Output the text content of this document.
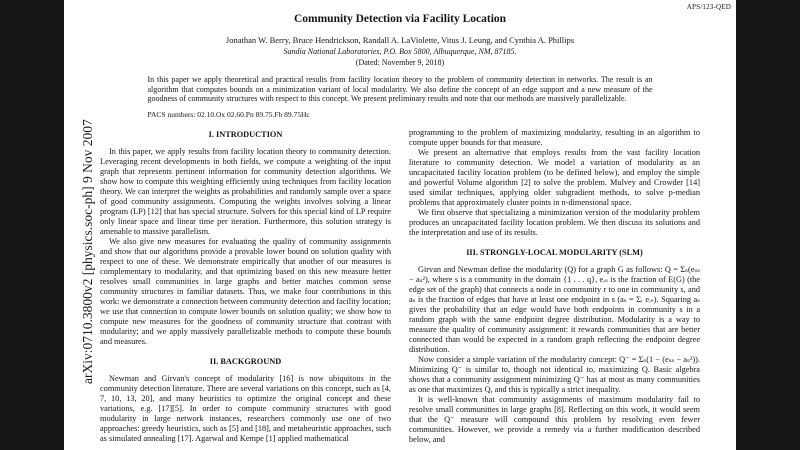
APS/123-QED
arXiv:0710.3800v2 [physics.soc-ph] 9 Nov 2007
Community Detection via Facility Location
Jonathan W. Berry, Bruce Hendrickson, Randall A. LaViolette, Vitus J. Leung, and Cynthia A. Phillips
Sandia National Laboratories, P.O. Box 5800, Albuquerque, NM, 87185.
(Dated: November 9, 2018)
In this paper we apply theoretical and practical results from facility location theory to the problem of community detection in networks. The result is an algorithm that computes bounds on a minimization variant of local modularity. We also define the concept of an edge support and a new measure of the goodness of community structures with respect to this concept. We present preliminary results and note that our methods are massively parallelizable.
PACS numbers: 02.10.Ox 02.60.Pn 89.75.Fb 89.75Hc
I. INTRODUCTION

In this paper, we apply results from facility location theory to community detection. Leveraging recent developments in both fields, we compute a weighting of the input graph that represents pertinent information for community detection algorithms. We show how to compute this weighting efficiently using techniques from facility location theory. We can interpret the weights as probabilities and randomly sample over a space of good community assignments. Computing the weights involves solving a linear program (LP) [12] that has special structure. Solvers for this special kind of LP require only linear space and linear time per iteration. Furthermore, this solution strategy is amenable to massive parallelism.

We also give new measures for evaluating the quality of community assignments and show that our algorithms provide a provable lower bound on solution quality with respect to one of these. We demonstrate empirically that another of our measures is complementary to modularity, and that optimizing based on this new measure better resolves small communities in large graphs and better matches common sense community structures in familiar datasets. Thus, we make four contributions in this work: we demonstrate a connection between community detection and facility location; we use that connection to compute lower bounds on solution quality; we show how to compute new measures for the goodness of community structure that contrast with modularity; and we apply massively parallelizable methods to compute these bounds and measures.

II. BACKGROUND

Newman and Girvan's concept of modularity [16] is now ubiquitous in the community detection literature. There are several variations on this concept, such as [4, 7, 10, 13, 20], and many heuristics to optimize the original concept and these variations, e.g. [17][5]. In order to compute community structures with good modularity in large network instances, researchers commonly use one of two approaches: greedy heuristics, such as [5] and [18], and metaheuristic approaches, such as simulated annealing [17]. Agarwal and Kempe [1] applied mathematical

programming to the problem of maximizing modularity, resulting in an algorithm to compute upper bounds for that measure.

We present an alternative that employs results from the vast facility location literature to community detection. We model a variation of modularity as an uncapacitated facility location problem (to be defined below), and employ the simple and powerful Volume algorithm [2] to solve the problem. Mulvey and Crowder [14] used similar techniques, applying older subgradient methods, to solve p-median problems that approximately cluster points in n-dimensional space.

We first observe that specializing a minimization version of the modularity problem produces an uncapacitated facility location problem. We then discuss its solutions and the interpretation and use of its results.

III. STRONGLY-LOCAL MODULARITY (SLM)

Girvan and Newman define the modularity (Q) for a graph G as follows: Q = Σₛ(eₛₛ − aₛ²), where s is a community in the domain {1 . . . q}, eᵣₛ is the fraction of E(G) (the edge set of the graph) that connects a node in community r to one in community s, and aₛ is the fraction of edges that have at least one endpoint in s (aₛ = Σᵣ eᵣₛ). Squaring aₛ gives the probability that an edge would have both endpoints in community s in a random graph with the same endpoint degree distribution. Modularity is a way to measure the quality of community assignment: it rewards communities that are better connected than would be expected in a random graph reflecting the endpoint degree distribution.

Now consider a simple variation of the modularity concept: Q⁻ = Σₛ(1 − (eₛₛ − aₛ²)). Minimizing Q⁻ is similar to, though not identical to, maximizing Q. Basic algebra shows that a community assignment minimizing Q⁻ has at most as many communities as one that maximizes Q, and this is typically a strict inequality.

It is well-known that community assignments of maximum modularity fail to resolve small communities in large graphs [8]. Reflecting on this work, it would seem that the Q⁻ measure will compound this problem by resolving even fewer communities. However, we provide a remedy via a further modification described below, and
